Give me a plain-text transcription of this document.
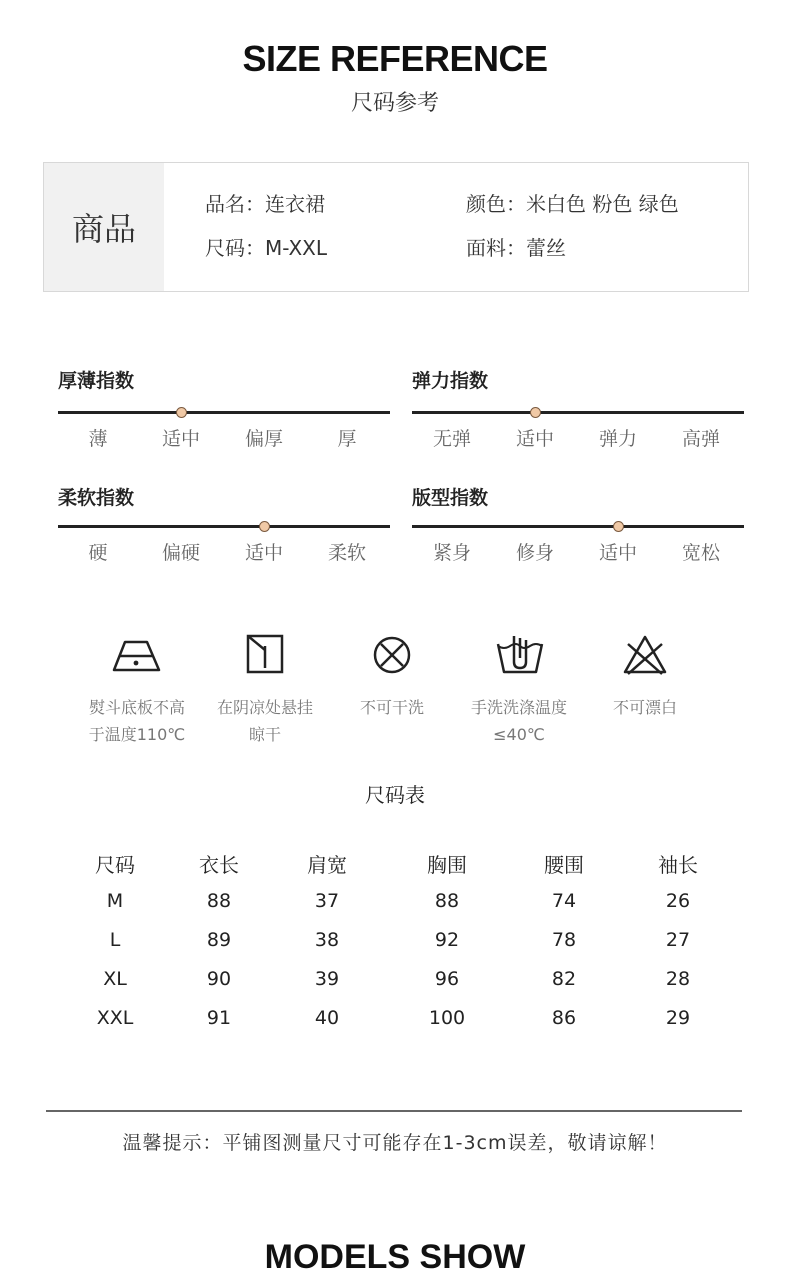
SIZE REFERENCE
尺码参考
商品
品名：连衣裙
尺码：M-XXL
颜色：米白色 粉色 绿色
面料：蕾丝
厚薄指数
薄	适中	偏厚	厚
弹力指数
无弹	适中	弹力	高弹
柔软指数
硬	偏硬	适中	柔软
版型指数
紧身	修身	适中	宽松
熨斗底板不高
于温度110℃
在阴凉处悬挂
晾干
不可干洗	手洗洗涤温度
≤40℃
不可漂白
尺码表
尺码	衣长	肩宽	胸围	腰围	袖长
M	88	37	88	74	26
L	89	38	92	78	27
XL	90	39	96	82	28
XXL	91	40	100	86	29
温馨提示：平铺图测量尺寸可能存在1-3cm误差，敬请谅解！
MODELS SHOW
